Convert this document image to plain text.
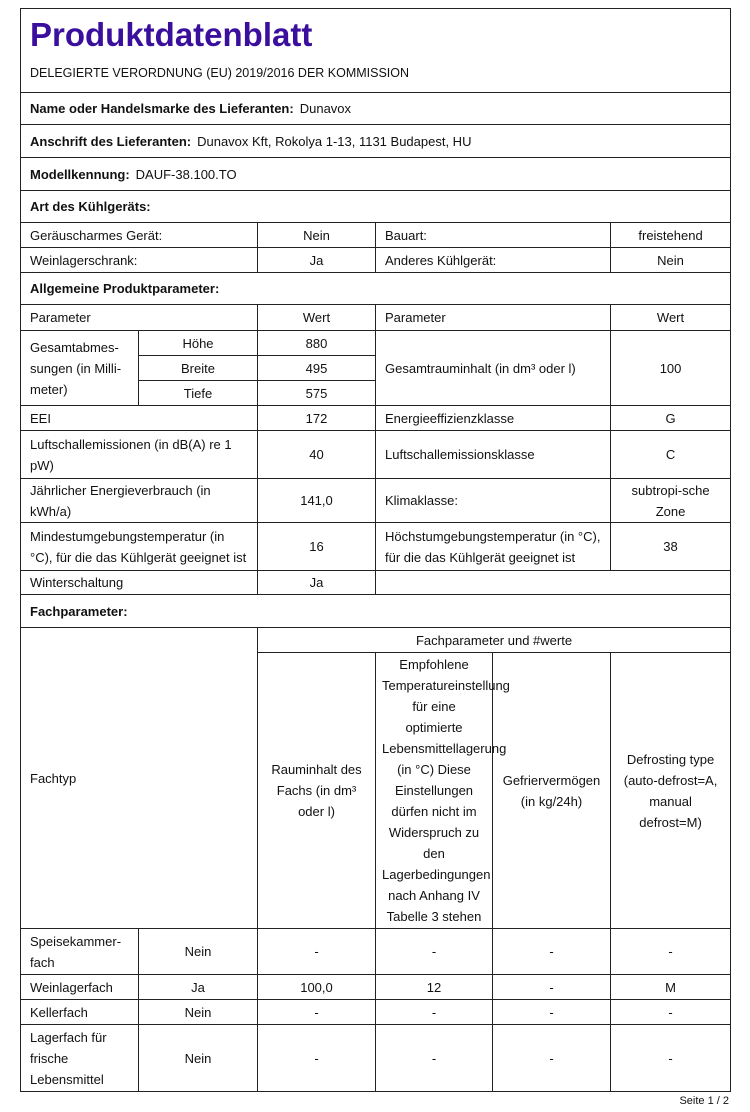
Produktdatenblatt
DELEGIERTE VERORDNUNG (EU) 2019/2016 DER KOMMISSION					

Name oder Handelsmarke des Lieferanten: Dunavox					
Anschrift des Lieferanten: Dunavox Kft, Rokolya 1-13, 1131 Budapest, HU					
Modellkennung: DAUF-38.100.TO					
Art des Kühlgeräts:					
Geräuscharmes Gerät:		Nein	Bauart:		freistehend
Weinlagerschrank:		Ja	Anderes Kühlgerät:		Nein
Allgemeine Produktparameter:					
Parameter		Wert	Parameter		Wert

Gesamtabmes-sungen (in Milli-meter)	Höhe	880	Gesamtrauminhalt (in dm³ oder l)		100
	Breite	495			
	Tiefe	575			
EEI		172	Energieeffizienzklasse		G
Luftschallemissionen (in dB(A) re 1 pW)		40	Luftschallemissionsklasse		C
Jährlicher Energieverbrauch (in kWh/a)		141,0	Klimaklasse:		subtropi-sche Zone
Mindestumgebungstemperatur (in °C), für die das Kühlgerät geeignet ist		16	Höchstumgebungstemperatur (in °C), für die das Kühlgerät geeignet ist		38
Winterschaltung		Ja			
Fachparameter:					
Fachtyp		Fachparameter und #werte			
		Rauminhalt des Fachs (in dm³ oder l)	Empfohlene Temperatureinstellung für eine optimierte Lebensmittellagerung (in °C) Diese Einstellungen dürfen nicht im Widerspruch zu den Lagerbedingungen nach Anhang IV Tabelle 3 stehen	Gefriervermögen (in kg/24h)	Defrosting type (auto-defrost=A, manual defrost=M)
Speisekammer-fach	Nein	-	-	-	-
Weinlagerfach	Ja	100,0	12	-	M
Kellerfach	Nein	-	-	-	-
Lagerfach für frische Lebensmittel	Nein	-	-	-	-
Seite 1 / 2
